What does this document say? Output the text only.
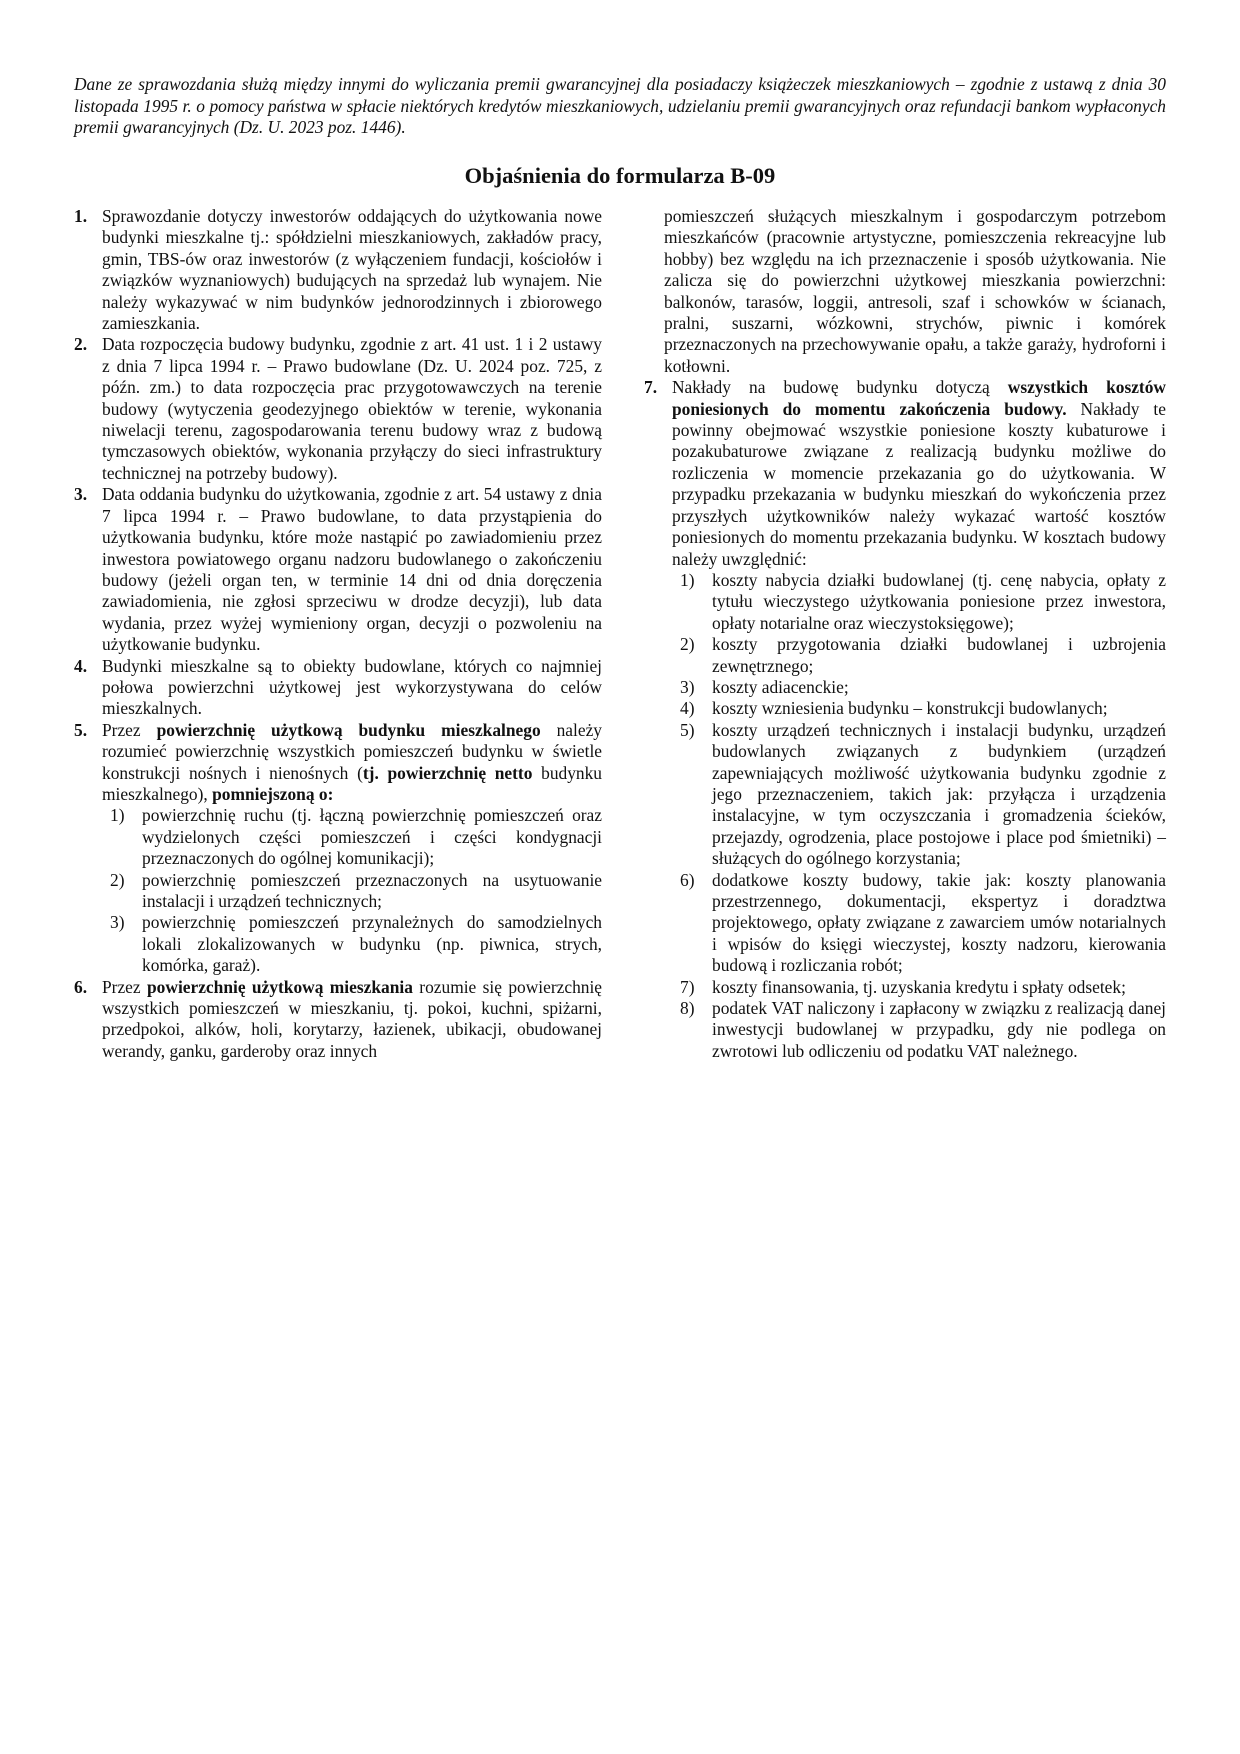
Dane ze sprawozdania służą między innymi do wyliczania premii gwarancyjnej dla posiadaczy książeczek mieszkaniowych – zgodnie z ustawą z dnia 30 listopada 1995 r. o pomocy państwa w spłacie niektórych kredytów mieszkaniowych, udzielaniu premii gwarancyjnych oraz refundacji bankom wypłaconych premii gwarancyjnych (Dz. U. 2023 poz. 1446).
Objaśnienia do formularza B-09

1. Sprawozdanie dotyczy inwestorów oddających do użytkowania nowe budynki mieszkalne tj.: spółdzielni mieszkaniowych, zakładów pracy, gmin, TBS-ów oraz inwestorów (z wyłączeniem fundacji, kościołów i związków wyznaniowych) budujących na sprzedaż lub wynajem. Nie należy wykazywać w nim budynków jednorodzinnych i zbiorowego zamieszkania.

2. Data rozpoczęcia budowy budynku, zgodnie z art. 41 ust. 1 i 2 ustawy z dnia 7 lipca 1994 r. – Prawo budowlane (Dz. U. 2024 poz. 725, z późn. zm.) to data rozpoczęcia prac przygotowawczych na terenie budowy (wytyczenia geodezyjnego obiektów w terenie, wykonania niwelacji terenu, zagospodarowania terenu budowy wraz z budową tymczasowych obiektów, wykonania przyłączy do sieci infrastruktury technicznej na potrzeby budowy).

3. Data oddania budynku do użytkowania, zgodnie z art. 54 ustawy z dnia 7 lipca 1994 r. – Prawo budowlane, to data przystąpienia do użytkowania budynku, które może nastąpić po zawiadomieniu przez inwestora powiatowego organu nadzoru budowlanego o zakończeniu budowy (jeżeli organ ten, w terminie 14 dni od dnia doręczenia zawiadomienia, nie zgłosi sprzeciwu w drodze decyzji), lub data wydania, przez wyżej wymieniony organ, decyzji o pozwoleniu na użytkowanie budynku.

4. Budynki mieszkalne są to obiekty budowlane, których co najmniej połowa powierzchni użytkowej jest wykorzystywana do celów mieszkalnych.

5. Przez powierzchnię użytkową budynku mieszkalnego należy rozumieć powierzchnię wszystkich pomieszczeń budynku w świetle konstrukcji nośnych i nienośnych (tj. powierzchnię netto budynku mieszkalnego), pomniejszoną o:

1) powierzchnię ruchu (tj. łączną powierzchnię pomieszczeń oraz wydzielonych części pomieszczeń i części kondygnacji przeznaczonych do ogólnej komunikacji);

2) powierzchnię pomieszczeń przeznaczonych na usytuowanie instalacji i urządzeń technicznych;

3) powierzchnię pomieszczeń przynależnych do samodzielnych lokali zlokalizowanych w budynku (np. piwnica, strych, komórka, garaż).

6. Przez powierzchnię użytkową mieszkania rozumie się powierzchnię wszystkich pomieszczeń w mieszkaniu, tj. pokoi, kuchni, spiżarni, przedpokoi, alków, holi, korytarzy, łazienek, ubikacji, obudowanej werandy, ganku, garderoby oraz innych

pomieszczeń służących mieszkalnym i gospodarczym potrzebom mieszkańców (pracownie artystyczne, pomieszczenia rekreacyjne lub hobby) bez względu na ich przeznaczenie i sposób użytkowania. Nie zalicza się do powierzchni użytkowej mieszkania powierzchni: balkonów, tarasów, loggii, antresoli, szaf i schowków w ścianach, pralni, suszarni, wózkowni, strychów, piwnic i komórek przeznaczonych na przechowywanie opału, a także garaży, hydroforni i kotłowni.

7. Nakłady na budowę budynku dotyczą wszystkich kosztów poniesionych do momentu zakończenia budowy. Nakłady te powinny obejmować wszystkie poniesione koszty kubaturowe i pozakubaturowe związane z realizacją budynku możliwe do rozliczenia w momencie przekazania go do użytkowania. W przypadku przekazania w budynku mieszkań do wykończenia przez przyszłych użytkowników należy wykazać wartość kosztów poniesionych do momentu przekazania budynku. W kosztach budowy należy uwzględnić:

1) koszty nabycia działki budowlanej (tj. cenę nabycia, opłaty z tytułu wieczystego użytkowania poniesione przez inwestora, opłaty notarialne oraz wieczystoksięgowe);

2) koszty przygotowania działki budowlanej i uzbrojenia zewnętrznego;

3) koszty adiacenckie;

4) koszty wzniesienia budynku – konstrukcji budowlanych;

5) koszty urządzeń technicznych i instalacji budynku, urządzeń budowlanych związanych z budynkiem (urządzeń zapewniających możliwość użytkowania budynku zgodnie z jego przeznaczeniem, takich jak: przyłącza i urządzenia instalacyjne, w tym oczyszczania i gromadzenia ścieków, przejazdy, ogrodzenia, place postojowe i place pod śmietniki) – służących do ogólnego korzystania;

6) dodatkowe koszty budowy, takie jak: koszty planowania przestrzennego, dokumentacji, ekspertyz i doradztwa projektowego, opłaty związane z zawarciem umów notarialnych i wpisów do księgi wieczystej, koszty nadzoru, kierowania budową i rozliczania robót;

7) koszty finansowania, tj. uzyskania kredytu i spłaty odsetek;

8) podatek VAT naliczony i zapłacony w związku z realizacją danej inwestycji budowlanej w przypadku, gdy nie podlega on zwrotowi lub odliczeniu od podatku VAT należnego.
